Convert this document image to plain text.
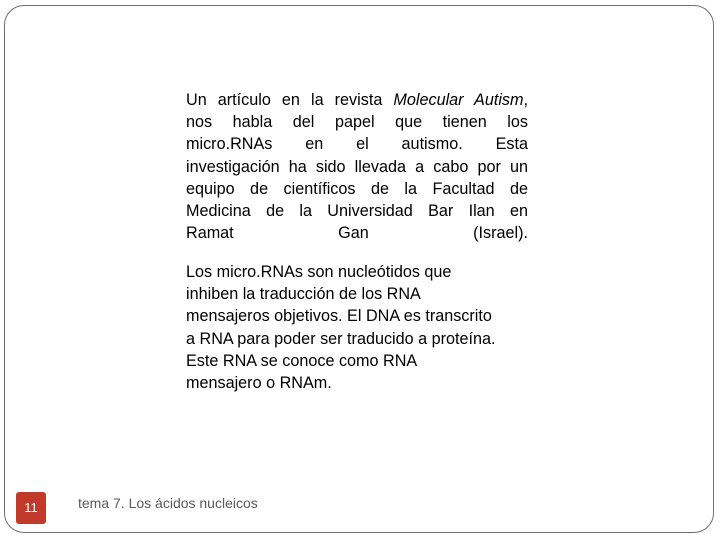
Un artículo en la revista Molecular Autism,
nos habla del papel que tienen los
micro.RNAs en el autismo. Esta
investigación ha sido llevada a cabo por un
equipo de científicos de la Facultad de
Medicina de la Universidad Bar Ilan en
Ramat Gan (Israel).
Los micro.RNAs son nucleótidos que
inhiben la traducción de los RNA
mensajeros objetivos. El DNA es transcrito
a RNA para poder ser traducido a proteína.
Este RNA se conoce como RNA
mensajero o RNAm.
11	tema 7. Los ácidos nucleicos
